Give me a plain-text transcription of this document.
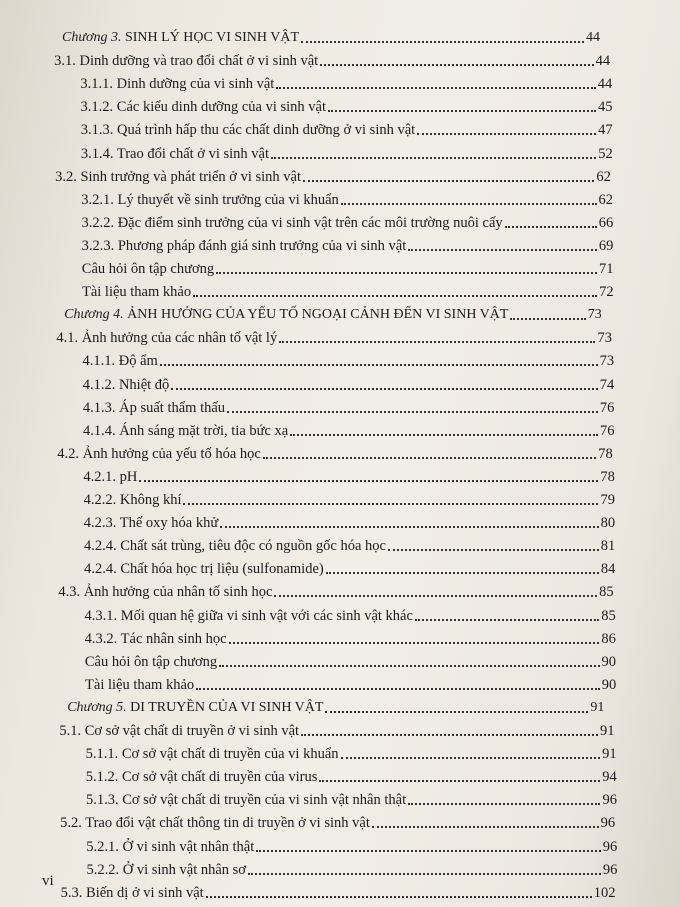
Chương 3. SINH LÝ HỌC VI SINH VẬT	44
3.1. Dinh dưỡng và trao đổi chất ở vi sinh vật	44
3.1.1. Dinh dưỡng của vi sinh vật	44
3.1.2. Các kiểu dinh dưỡng của vi sinh vật	45
3.1.3. Quá trình hấp thu các chất dinh dưỡng ở vi sinh vật	47
3.1.4. Trao đổi chất ở vi sinh vật	52
3.2. Sinh trưởng và phát triển ở vi sinh vật	62
3.2.1. Lý thuyết về sinh trưởng của vi khuẩn	62
3.2.2. Đặc điểm sinh trưởng của vi sinh vật trên các môi trường nuôi cấy	66
3.2.3. Phương pháp đánh giá sinh trưởng của vi sinh vật	69
Câu hỏi ôn tập chương	71
Tài liệu tham khảo	72
Chương 4. ẢNH HƯỞNG CỦA YẾU TỐ NGOẠI CẢNH ĐẾN VI SINH VẬT	73
4.1. Ảnh hưởng của các nhân tố vật lý	73
4.1.1. Độ ẩm	73
4.1.2. Nhiệt độ	74
4.1.3. Áp suất thẩm thấu	76
4.1.4. Ánh sáng mặt trời, tia bức xạ	76
4.2. Ảnh hưởng của yếu tố hóa học	78
4.2.1. pH	78
4.2.2. Không khí	79
4.2.3. Thế oxy hóa khử	80
4.2.4. Chất sát trùng, tiêu độc có nguồn gốc hóa học	81
4.2.4. Chất hóa học trị liệu (sulfonamide)	84
4.3. Ảnh hưởng của nhân tố sinh học	85
4.3.1. Mối quan hệ giữa vi sinh vật với các sinh vật khác	85
4.3.2. Tác nhân sinh học	86
Câu hỏi ôn tập chương	90
Tài liệu tham khảo	90
Chương 5. DI TRUYỀN CỦA VI SINH VẬT	91
5.1. Cơ sở vật chất di truyền ở vi sinh vật	91
5.1.1. Cơ sở vật chất di truyền của vi khuẩn	91
5.1.2. Cơ sở vật chất di truyền của virus	94
5.1.3. Cơ sở vật chất di truyền của vi sinh vật nhân thật	96
5.2. Trao đổi vật chất thông tin di truyền ở vi sinh vật	96
5.2.1. Ở vi sinh vật nhân thật	96
5.2.2. Ở vi sinh vật nhân sơ	96
5.3. Biến dị ở vi sinh vật	102
vi
